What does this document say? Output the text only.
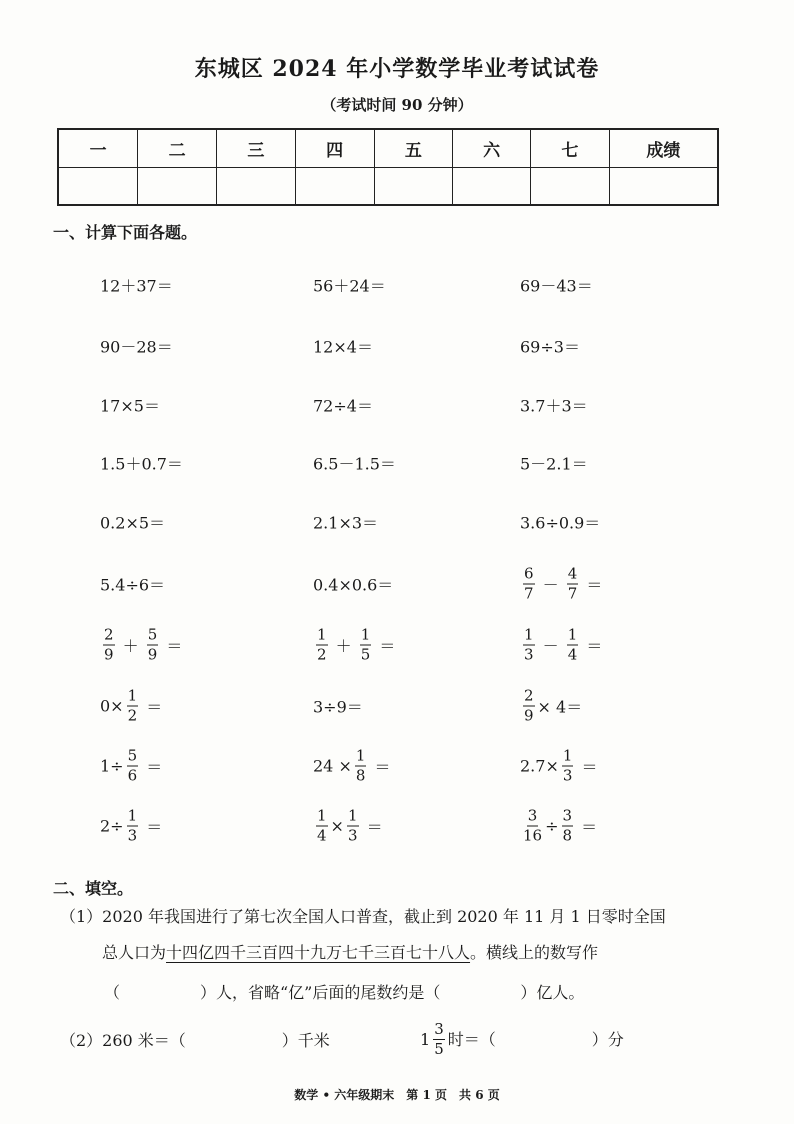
东城区 2024 年小学数学毕业考试试卷
（考试时间 90 分钟）
一	二	三	四	五	六	七	成绩

一、计算下面各题。
12＋37＝	56＋24＝	69－43＝
90－28＝	12×4＝	69÷3＝
17×5＝	72÷4＝	3.7＋3＝
1.5＋0.7＝	6.5－1.5＝	5－2.1＝
0.2×5＝	2.1×3＝	3.6÷0.9＝
5.4÷6＝	0.4×0.6＝	$\frac{6}{7} - \frac{4}{7}$ ＝
$\frac{2}{9} + \frac{5}{9}$ ＝	$\frac{1}{2} + \frac{1}{5}$ ＝	$\frac{1}{3} - \frac{1}{4}$ ＝
$0\times \frac{1}{2}$ ＝	3÷9＝	$\frac{2}{9} \times 4=$
$1\div \frac{5}{6}$ ＝	$24 \times \frac{1}{8}$ ＝	$2.7\times \frac{1}{3}$ ＝
$2\div \frac{1}{3}$ ＝	$\frac{1}{4} \times \frac{1}{3}$ ＝	$\frac{3}{16} \div \frac{3}{8}$ ＝
二、填空。
（1）2020 年我国进行了第七次全国人口普查，截止到 2020 年 11 月 1 日零时全国
总人口为十四亿四千三百四十九万七千三百七十八人。横线上的数写作
（　　　　　）人，省略“亿”后面的尾数约是（　　　　　）亿人。
（2）260 米＝（　　　　　　）千米	$1 \frac{3}{5}$ 时＝（　　　　　　）分
数学 • 六年级期末　第 1 页　共 6 页
